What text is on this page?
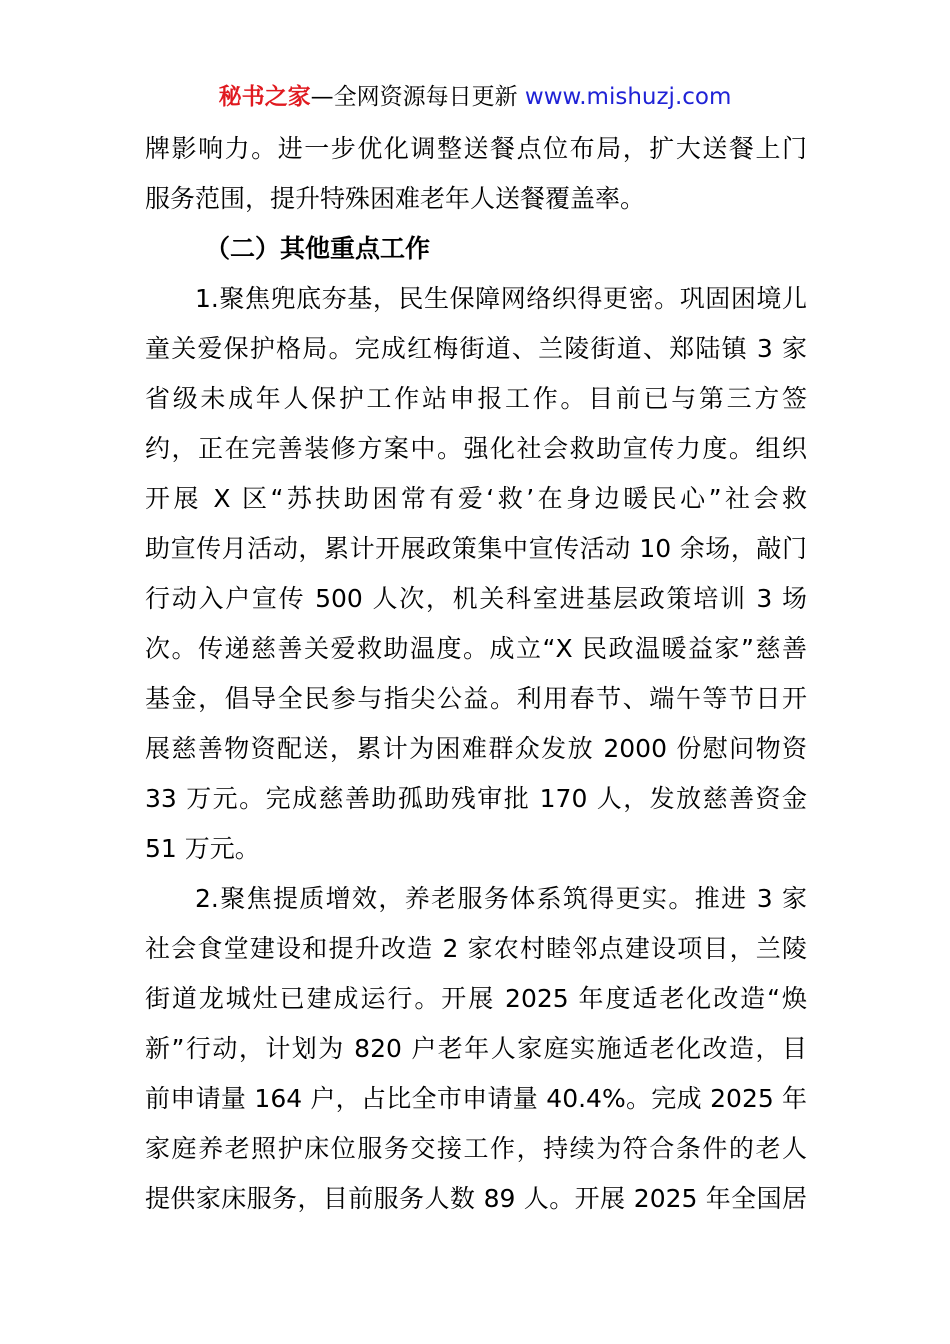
秘书之家—全网资源每日更新 www.mishuzj.com
牌影响力。进一步优化调整送餐点位布局，扩大送餐上门
服务范围，提升特殊困难老年人送餐覆盖率。
（二）其他重点工作
1.聚焦兜底夯基，民生保障网络织得更密。巩固困境儿
童关爱保护格局。完成红梅街道、兰陵街道、郑陆镇 3 家
省级未成年人保护工作站申报工作。目前已与第三方签
约，正在完善装修方案中。强化社会救助宣传力度。组织
开展 X 区“苏扶助困常有爱‘救’在身边暖民心”社会救
助宣传月活动，累计开展政策集中宣传活动 10 余场，敲门
行动入户宣传 500 人次，机关科室进基层政策培训 3 场
次。传递慈善关爱救助温度。成立“X 民政温暖益家”慈善
基金，倡导全民参与指尖公益。利用春节、端午等节日开
展慈善物资配送，累计为困难群众发放 2000 份慰问物资
33 万元。完成慈善助孤助残审批 170 人，发放慈善资金
51 万元。
2.聚焦提质增效，养老服务体系筑得更实。推进 3 家
社会食堂建设和提升改造 2 家农村睦邻点建设项目，兰陵
街道龙城灶已建成运行。开展 2025 年度适老化改造“焕
新”行动，计划为 820 户老年人家庭实施适老化改造，目
前申请量 164 户，占比全市申请量 40.4%。完成 2025 年
家庭养老照护床位服务交接工作，持续为符合条件的老人
提供家床服务，目前服务人数 89 人。开展 2025 年全国居
